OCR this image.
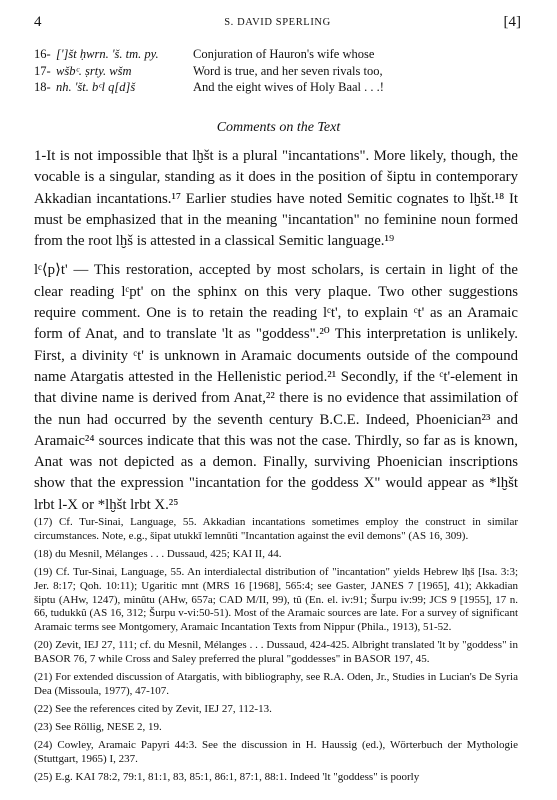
4	S. DAVID SPERLING	[4]
16- [']št ḥwrn. 'š. tm. py.	Conjuration of Hauron's wife whose
17- wšbᶜ. ṣrty. wšm	Word is true, and her seven rivals too,
18- nh. 'št. bᶜl q[d]š	And the eight wives of Holy Baal . . .!
Comments on the Text

1-It is not impossible that lḫšt is a plural "incantations". More likely, though, the vocable is a singular, standing as it does in the position of šiptu in contemporary Akkadian incantations.¹⁷ Earlier studies have noted Semitic cognates to lḫšt.¹⁸ It must be emphasized that in the meaning "incantation" no feminine noun formed from the root lḫš is attested in a classical Semitic language.¹⁹

lᶜ⟨p⟩t' — This restoration, accepted by most scholars, is certain in light of the clear reading lᶜpt' on the sphinx on this very plaque. Two other suggestions require comment. One is to retain the reading lᶜt', to explain ᶜt' as an Aramaic form of Anat, and to translate 'lt as "goddess".²⁰ This interpretation is unlikely. First, a divinity ᶜt' is unknown in Aramaic documents outside of the compound name Atargatis attested in the Hellenistic period.²¹ Secondly, if the ᶜt'-element in that divine name is derived from Anat,²² there is no evidence that assimilation of the nun had occurred by the seventh century B.C.E. Indeed, Phoenician²³ and Aramaic²⁴ sources indicate that this was not the case. Thirdly, so far as is known, Anat was not depicted as a demon. Finally, surviving Phoenician inscriptions show that the expression "incantation for the goddess X" would appear as *lḫšt lrbt l-X or *lḫšt lrbt X.²⁵

(17) Cf. Tur-Sinai, Language, 55. Akkadian incantations sometimes employ the construct in similar circumstances. Note, e.g., šipat utukkī lemnūti "Incantation against the evil demons" (AS 16, 309).

(18) du Mesnil, Mélanges . . . Dussaud, 425; KAI II, 44.

(19) Cf. Tur-Sinai, Language, 55. An interdialectal distribution of "incantation" yields Hebrew lḥš [Isa. 3:3; Jer. 8:17; Qoh. 10:11); Ugaritic mnt (MRS 16 [1968], 565:4; see Gaster, JANES 7 [1965], 41); Akkadian šiptu (AHw, 1247), minûtu (AHw, 657a; CAD M/II, 99), tû (En. el. iv:91; Šurpu iv:99; JCS 9 [1955], 17 n. 66, tudukkû (AS 16, 312; Šurpu v-vi:50-51). Most of the Aramaic sources are late. For a survey of significant Aramaic terms see Montgomery, Aramaic Incantation Texts from Nippur (Phila., 1913), 51-52.

(20) Zevit, IEJ 27, 111; cf. du Mesnil, Mélanges . . . Dussaud, 424-425. Albright translated 'lt by "goddess" in BASOR 76, 7 while Cross and Saley preferred the plural "goddesses" in BASOR 197, 45.

(21) For extended discussion of Atargatis, with bibliography, see R.A. Oden, Jr., Studies in Lucian's De Syria Dea (Missoula, 1977), 47-107.

(22) See the references cited by Zevit, IEJ 27, 112-13.

(23) See Röllig, NESE 2, 19.

(24) Cowley, Aramaic Papyri 44:3. See the discussion in H. Haussig (ed.), Wörterbuch der Mythologie (Stuttgart, 1965) I, 237.

(25) E.g. KAI 78:2, 79:1, 81:1, 83, 85:1, 86:1, 87:1, 88:1. Indeed 'lt "goddess" is poorly
